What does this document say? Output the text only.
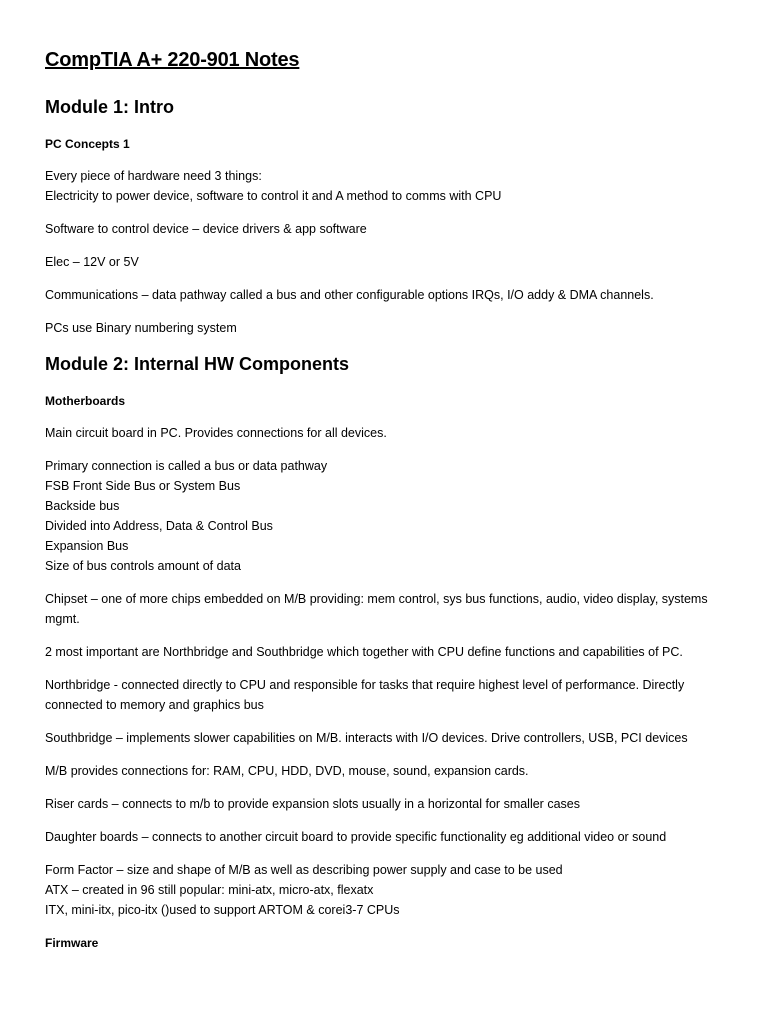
CompTIA A+ 220-901 Notes
Module 1: Intro
PC Concepts 1
Every piece of hardware need 3 things:
Electricity to power device, software to control it and A method to comms with CPU
Software to control device – device drivers & app software
Elec – 12V or 5V
Communications – data pathway called a bus and other configurable options IRQs, I/O addy & DMA channels.
PCs use Binary numbering system
Module 2: Internal HW Components
Motherboards
Main circuit board in PC. Provides connections for all devices.
Primary connection is called a bus or data pathway
FSB Front Side Bus or System Bus
Backside bus
Divided into Address, Data & Control Bus
Expansion Bus
Size of bus controls amount of data
Chipset – one of more chips embedded on M/B providing: mem control, sys bus functions, audio, video display, systems
mgmt.
2 most important are Northbridge and Southbridge which together with CPU define functions and capabilities of PC.
Northbridge - connected directly to CPU and responsible for tasks that require highest level of performance. Directly
connected to memory and graphics bus
Southbridge – implements slower capabilities on M/B. interacts with I/O devices. Drive controllers, USB, PCI devices
M/B provides connections for: RAM, CPU, HDD, DVD, mouse, sound, expansion cards.
Riser cards – connects to m/b to provide expansion slots usually in a horizontal for smaller cases
Daughter boards – connects to another circuit board to provide specific functionality eg additional video or sound
Form Factor – size and shape of M/B as well as describing power supply and case to be used
ATX – created in 96 still popular: mini-atx, micro-atx, flexatx
ITX, mini-itx, pico-itx ()used to support ARTOM & corei3-7 CPUs
Firmware
